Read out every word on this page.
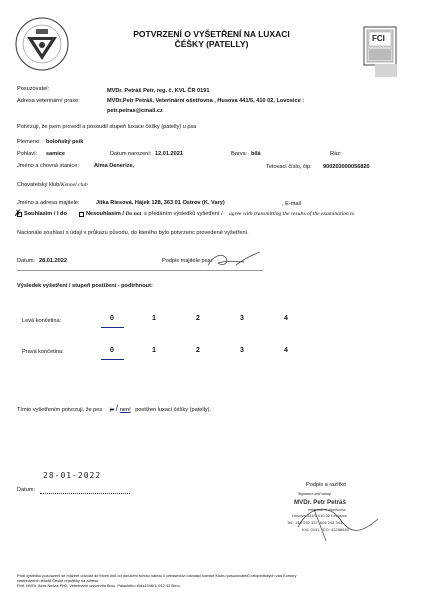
FCI
POTVRZENÍ O VYŠETŘENÍ NA LUXACI
ČÉŠKY (PATELLY)
Posuzovatel:	MVDr. Petráš Petr, reg. č. KVL ČR 0191
Adresa veterinární praxe:	MVDr.Petr Petráš, Veterinární ošetřovna , Husova 441/5, 410 02, Lovosice :
petr.petras@cmail.cz
Potvrzuji, že jsem provedl a posoudil stupeň luxace čéšky (patelly) u psa
Plemeno: boloňský psík
Pohlaví: samice	Datum narození: 12.01.2021	Barva: bílá	Ráz:
Jméno a chovná stanice:	Alma Denerize,	Tetovací číslo, čip: 900203000056820
Chovatelský klub/Kennel club
Jméno a adresa majitele:	Jitka Riesová, Hájek 128, 363 01 Ostrov (K. Vary)	, E-mail
✗ Souhlasím / I do	Nesouhlasím / Do not s předáním výsledků vyšetření / agree with transmitting the results of the examination to
Nacionále souhlasí s údaji v průkazu původu, do kterého bylo potvrzenc provedené vyšetření.
Datum: 28.01.2022	Podpis majitele psa:
Výsledek vyšetření / stupeň postižení - podtrhnout:
Levá končetina:	0	1	2	3	4
Pravá končetina:	0	1	2	3	4
Tímto vyšetřením potvrzuji, že pes je / není postižen luxací čéšky (patelly).
28-01-2022
Datum:
Podpis a razítko
Signature and stamp
MVDr. Petr Petráš
veterinární ošetřovna
Husova 441/5 410 02 Lovosice
Tel.: 416 532 337, 606 244 343
KVL 0191, IČO: 41288645
Proti výsledku posouzení se můžete odvolat do třiceti dnů od doručení tohoto nálezu k předsedovi odvolací komise Klubu posuzovatelů ortopedických vad Komory
veterinárních lékařů České republiky na adresu:
Prof. MVDr. Alois Nečas PhD, Veterinární univerzita Brno, Palackého třída1946/1, 612 42 Brno.
